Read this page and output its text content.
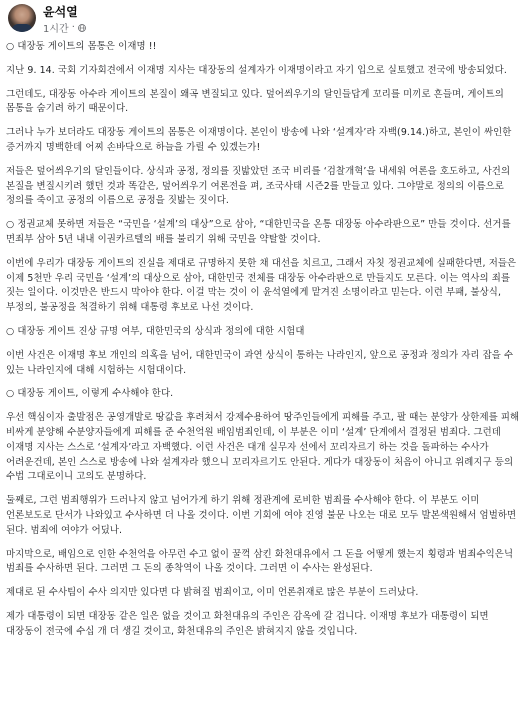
윤석열
1시간 ·

○ 대장동 게이트의 몸통은 이재명 !!

지난 9. 14. 국회 기자회견에서 이재명 지사는 대장동의 설계자가 이재명이라고 자기 입으로 실토했고 전국에 방송되었다.

그런데도, 대장동 아수라 게이트의 본질이 왜곡 변질되고 있다. 덮어씌우기의 달인들답게 꼬리를 미끼로 흔들며, 게이트의 몸통을 숨기려 하기 때문이다.

그러나 누가 보더라도 대장동 게이트의 몸통은 이재명이다. 본인이 방송에 나와 ‘설계자’라 자백(9.14.)하고, 본인이 싸인한 증거까지 명백한데 어찌 손바닥으로 하늘을 가릴 수 있겠는가!

저들은 덮어씌우기의 달인들이다. 상식과 공정, 정의를 짓밟았던 조국 비리를 ‘검찰개혁’을 내세워 여론을 호도하고, 사건의 본질을 변질시키려 했던 것과 똑같은, 덮어씌우기 여론전을 펴, 조국사태 시즌2를 만들고 있다. 그야말로 정의의 이름으로 정의를 죽이고 공정의 이름으로 공정을 짓밟는 짓이다.

○ 정권교체 못하면 저들은 “국민을 ‘설계’의 대상”으로 삼아, “대한민국을 온통 대장동 아수라판으로” 만들 것이다. 선거를 면죄부 삼아 5년 내내 이권카르텔의 배를 불리기 위해 국민을 약탈할 것이다.

이번에 우리가 대장동 게이트의 진실을 제대로 규명하지 못한 채 대선을 치르고, 그래서 자칫 정권교체에 실패한다면, 저들은 이제 5천만 우리 국민을 ‘설계’의 대상으로 삼아, 대한민국 전체를 대장동 아수라판으로 만들지도 모른다. 이는 역사의 죄를 짓는 일이다. 이것만은 반드시 막아야 한다. 이걸 막는 것이 이 윤석열에게 맡겨진 소명이라고 믿는다. 이런 부패, 불상식, 부정의, 불공정을 척결하기 위해 대통령 후보로 나선 것이다.

○ 대장동 게이트 진상 규명 여부, 대한민국의 상식과 정의에 대한 시험대

이번 사건은 이재명 후보 개인의 의혹을 넘어, 대한민국이 과연 상식이 통하는 나라인지, 앞으로 공정과 정의가 자리 잡을 수 있는 나라인지에 대해 시험하는 시험대이다.

○ 대장동 게이트, 이렇게 수사해야 한다.

우선 핵심이자 출발점은 공영개발로 땅값을 후려쳐서 강제수용하여 땅주인들에게 피해를 주고, 팔 때는 분양가 상한제를 피해 비싸게 분양해 수분양자들에게 피해를 준 수천억원 배임범죄인데, 이 부분은 이미 ‘설계’ 단계에서 결정된 범죄다. 그런데 이재명 지사는 스스로 ‘설계자’라고 자백했다. 이런 사건은 대개 실무자 선에서 꼬리자르기 하는 것을 돌파하는 수사가 어려운건데, 본인 스스로 방송에 나와 설계자라 했으니 꼬리자르기도 안된다. 게다가 대장동이 처음이 아니고 위례지구 등의 수법 그대로이니 고의도 분명하다.

둘째로, 그런 범죄행위가 드러나지 않고 넘어가게 하기 위해 정관계에 로비한 범죄를 수사해야 한다. 이 부분도 이미 언론보도로 단서가 나와있고 수사하면 더 나올 것이다. 이번 기회에 여야 진영 불문 나오는 대로 모두 발본색원해서 엄벌하면 된다. 범죄에 여야가 어딨나.

마지막으로, 배임으로 인한 수천억을 아무런 수고 없이 꿀꺽 삼킨 화천대유에서 그 돈을 어떻게 했는지 횡령과 범죄수익은닉 범죄를 수사하면 된다. 그러면 그 돈의 종착역이 나올 것이다. 그러면 이 수사는 완성된다.

제대로 된 수사팀이 수사 의지만 있다면 다 밝혀질 범죄이고, 이미 언론취재로 많은 부분이 드러났다.

제가 대통령이 되면 대장동 같은 일은 없을 것이고 화천대유의 주인은 감옥에 갈 겁니다. 이재명 후보가 대통령이 되면 대장동이 전국에 수십 개 더 생길 것이고, 화천대유의 주인은 밝혀지지 않을 것입니다.
